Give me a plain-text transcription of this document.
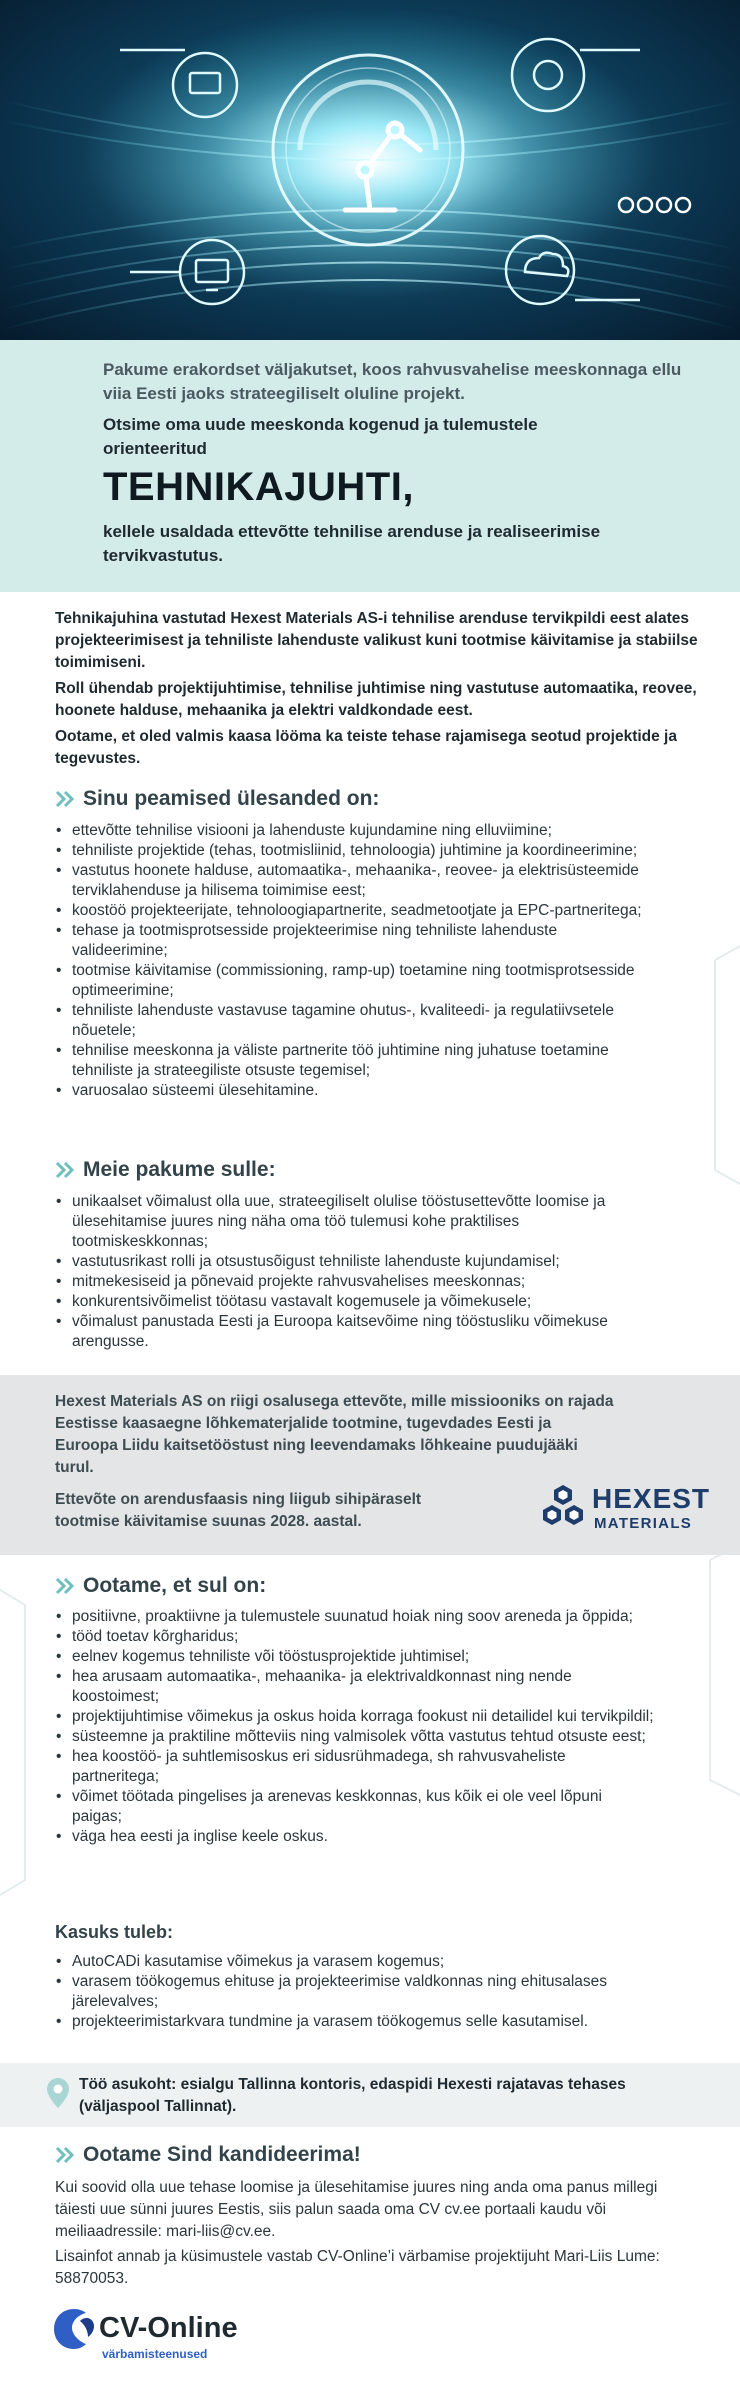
Pakume erakordset väljakutset, koos rahvusvahelise meeskonnaga ellu viia Eesti jaoks strateegiliselt oluline projekt.

Otsime oma uude meeskonda kogenud ja tulemustele orienteeritud

TEHNIKAJUHTI,

kellele usaldada ettevõtte tehnilise arenduse ja realiseerimise tervikvastutus.

Tehnikajuhina vastutad Hexest Materials AS-i tehnilise arenduse tervikpildi eest alates projekteerimisest ja tehniliste lahenduste valikust kuni tootmise käivitamise ja stabiilse toimimiseni.

Roll ühendab projektijuhtimise, tehnilise juhtimise ning vastutuse automaatika, reovee, hoonete halduse, mehaanika ja elektri valdkondade eest.

Ootame, et oled valmis kaasa lööma ka teiste tehase rajamisega seotud projektide ja tegevustes.

Sinu peamised ülesanded on:
• ettevõtte tehnilise visiooni ja lahenduste kujundamine ning elluviimine;
• tehniliste projektide (tehas, tootmisliinid, tehnoloogia) juhtimine ja koordineerimine;
• vastutus hoonete halduse, automaatika-, mehaanika-, reovee- ja elektrisüsteemide terviklahenduse ja hilisema toimimise eest;
• koostöö projekteerijate, tehnoloogiapartnerite, seadmetootjate ja EPC-partneritega;
• tehase ja tootmisprotsesside projekteerimise ning tehniliste lahenduste valideerimine;
• tootmise käivitamise (commissioning, ramp-up) toetamine ning tootmisprotsesside optimeerimine;
• tehniliste lahenduste vastavuse tagamine ohutus-, kvaliteedi- ja regulatiivsetele nõuetele;
• tehnilise meeskonna ja väliste partnerite töö juhtimine ning juhatuse toetamine tehniliste ja strateegiliste otsuste tegemisel;
• varuosalao süsteemi ülesehitamine.
Meie pakume sulle:
• unikaalset võimalust olla uue, strateegiliselt olulise tööstusettevõtte loomise ja ülesehitamise juures ning näha oma töö tulemusi kohe praktilises tootmiskeskkonnas;
• vastutusrikast rolli ja otsustusõigust tehniliste lahenduste kujundamisel;
• mitmekesiseid ja põnevaid projekte rahvusvahelises meeskonnas;
• konkurentsivõimelist töötasu vastavalt kogemusele ja võimekusele;
• võimalust panustada Eesti ja Euroopa kaitsevõime ning tööstusliku võimekuse arengusse.

Hexest Materials AS on riigi osalusega ettevõte, mille missiooniks on rajada Eestisse kaasaegne lõhkematerjalide tootmine, tugevdades Eesti ja Euroopa Liidu kaitsetööstust ning leevendamaks lõhkeaine puudujääki turul.

Ettevõte on arendusfaasis ning liigub sihipäraselt tootmise käivitamise suunas 2028. aastal.

HEXEST
MATERIALS
Ootame, et sul on:
• positiivne, proaktiivne ja tulemustele suunatud hoiak ning soov areneda ja õppida;
• tööd toetav kõrgharidus;
• eelnev kogemus tehniliste või tööstusprojektide juhtimisel;
• hea arusaam automaatika-, mehaanika- ja elektrivaldkonnast ning nende koostoimest;
• projektijuhtimise võimekus ja oskus hoida korraga fookust nii detailidel kui tervikpildil;
• süsteemne ja praktiline mõtteviis ning valmisolek võtta vastutus tehtud otsuste eest;
• hea koostöö- ja suhtlemisoskus eri sidusrühmadega, sh rahvusvaheliste partneritega;
• võimet töötada pingelises ja arenevas keskkonnas, kus kõik ei ole veel lõpuni paigas;
• väga hea eesti ja inglise keele oskus.

Kasuks tuleb:

• AutoCADi kasutamise võimekus ja varasem kogemus;
• varasem töökogemus ehituse ja projekteerimise valdkonnas ning ehitusalases järelevalves;
• projekteerimistarkvara tundmine ja varasem töökogemus selle kasutamisel.

Töö asukoht: esialgu Tallinna kontoris, edaspidi Hexesti rajatavas tehases (väljaspool Tallinnat).

Ootame Sind kandideerima!

Kui soovid olla uue tehase loomise ja ülesehitamise juures ning anda oma panus millegi täiesti uue sünni juures Eestis, siis palun saada oma CV cv.ee portaali kaudu või meiliaadressile: mari-liis@cv.ee.

Lisainfot annab ja küsimustele vastab CV-Online’i värbamise projektijuht Mari-Liis Lume: 58870053.

CV-Online
värbamisteenused
